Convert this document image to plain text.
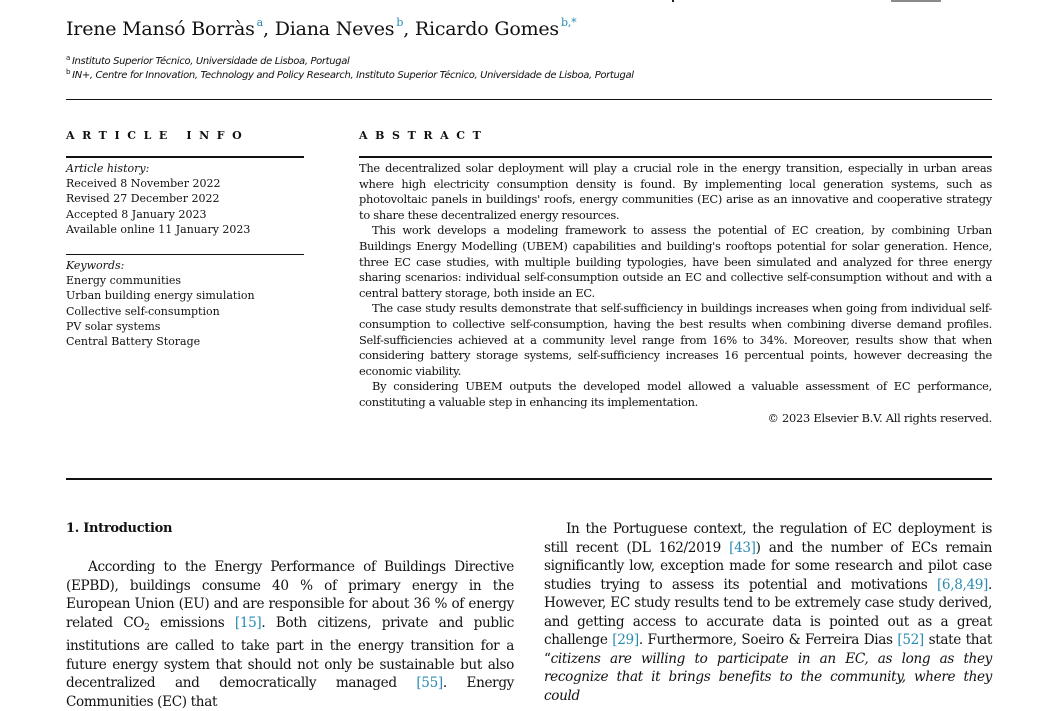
Irene Mansó Borràs $^a$, Diana Neves $^b$, Ricardo Gomes $^{b,*}$
$^a$ Instituto Superior Técnico, Universidade de Lisboa, Portugal
$^b$ IN+, Centre for Innovation, Technology and Policy Research, Instituto Superior Técnico, Universidade de Lisboa, Portugal
ARTICLE INFO
Article history:
Received 8 November 2022
Revised 27 December 2022
Accepted 8 January 2023
Available online 11 January 2023
Keywords:
Energy communities
Urban building energy simulation
Collective self-consumption
PV solar systems
Central Battery Storage
ABSTRACT

The decentralized solar deployment will play a crucial role in the energy transition, especially in urban areas where high electricity consumption density is found. By implementing local generation systems, such as photovoltaic panels in buildings' roofs, energy communities (EC) arise as an innovative and cooperative strategy to share these decentralized energy resources.

This work develops a modeling framework to assess the potential of EC creation, by combining Urban Buildings Energy Modelling (UBEM) capabilities and building's rooftops potential for solar generation. Hence, three EC case studies, with multiple building typologies, have been simulated and analyzed for three energy sharing scenarios: individual self-consumption outside an EC and collective self-consumption without and with a central battery storage, both inside an EC.

The case study results demonstrate that self-sufficiency in buildings increases when going from individual self-consumption to collective self-consumption, having the best results when combining diverse demand profiles. Self-sufficiencies achieved at a community level range from 16% to 34%. Moreover, results show that when considering battery storage systems, self-sufficiency increases 16 percentual points, however decreasing the economic viability.

By considering UBEM outputs the developed model allowed a valuable assessment of EC performance, constituting a valuable step in enhancing its implementation.

© 2023 Elsevier B.V. All rights reserved.
1. Introduction

According to the Energy Performance of Buildings Directive (EPBD), buildings consume 40 % of primary energy in the European Union (EU) and are responsible for about 36 % of energy related $CO_2$ emissions [15]. Both citizens, private and public institutions are called to take part in the energy transition for a future energy system that should not only be sustainable but also decentralized and democratically managed [55]. Energy Communities (EC) that

In the Portuguese context, the regulation of EC deployment is still recent (DL 162/2019 [43]) and the number of ECs remain significantly low, exception made for some research and pilot case studies trying to assess its potential and motivations [6,8,49]. However, EC study results tend to be extremely case study derived, and getting access to accurate data is pointed out as a great challenge [29]. Furthermore, Soeiro & Ferreira Dias [52] state that “citizens are willing to participate in an EC, as long as they recognize that it brings benefits to the community, where they could
